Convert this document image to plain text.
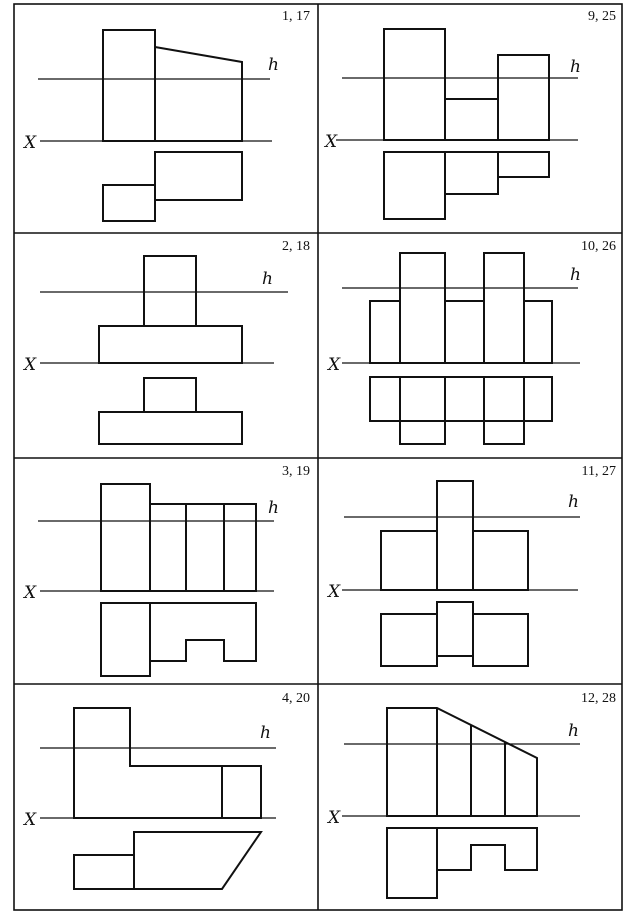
1, 17
h
X
9, 25
h
X
2, 18
h
X
10, 26
h
X
3, 19
h
X
11, 27
h
X
4, 20
h
X
12, 28
h
X
